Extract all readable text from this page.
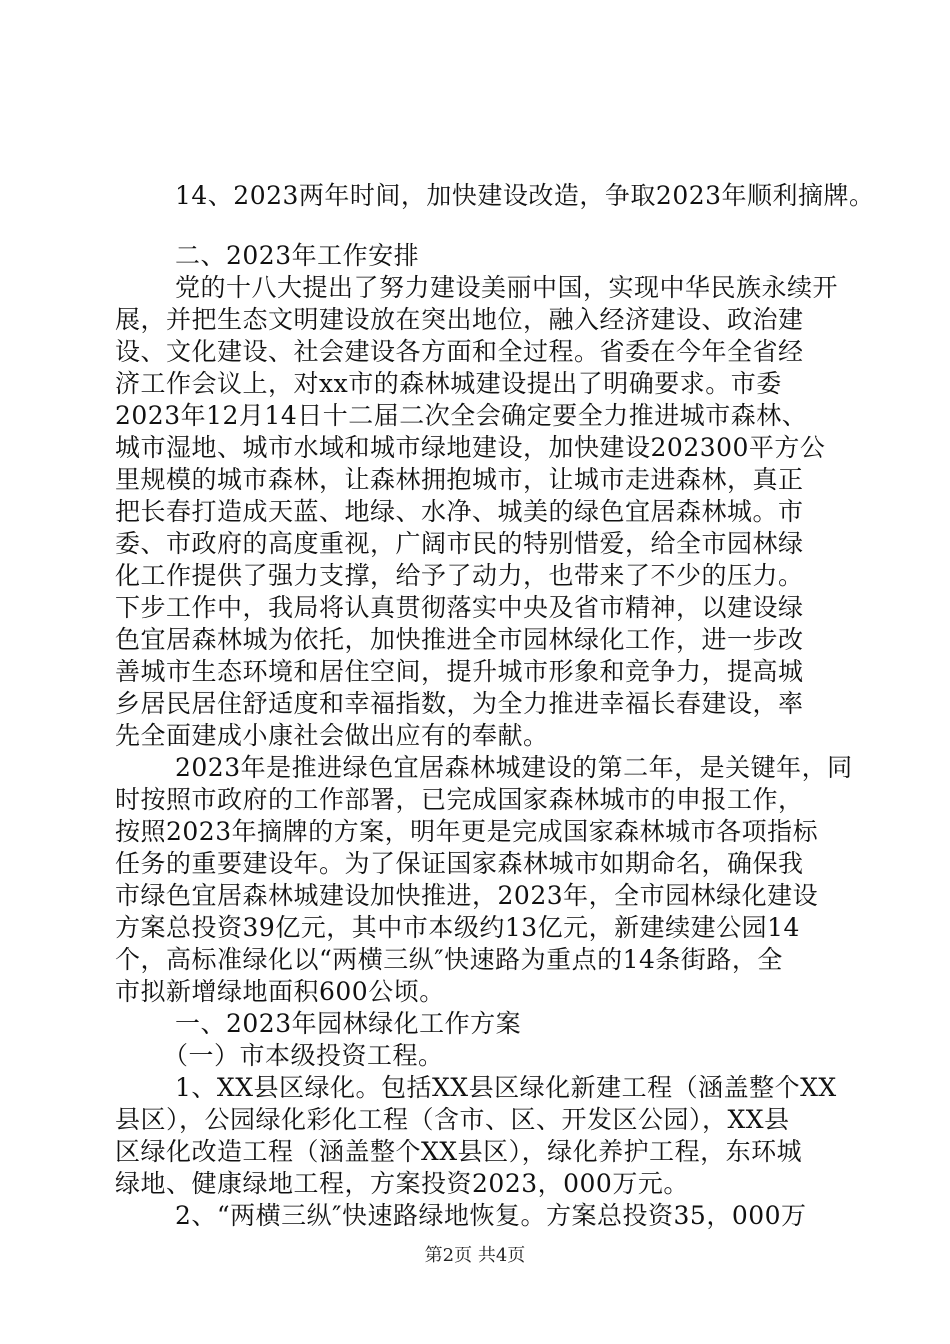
14、2023两年时间，加快建设改造，争取2023年顺利摘牌。
二、2023年工作安排
党的十八大提出了努力建设美丽中国，实现中华民族永续开
展，并把生态文明建设放在突出地位，融入经济建设、政治建
设、文化建设、社会建设各方面和全过程。省委在今年全省经
济工作会议上，对xx市的森林城建设提出了明确要求。市委
2023年12月14日十二届二次全会确定要全力推进城市森林、
城市湿地、城市水域和城市绿地建设，加快建设202300平方公
里规模的城市森林，让森林拥抱城市，让城市走进森林，真正
把长春打造成天蓝、地绿、水净、城美的绿色宜居森林城。市
委、市政府的高度重视，广阔市民的特别惜爱，给全市园林绿
化工作提供了强力支撑，给予了动力，也带来了不少的压力。
下步工作中，我局将认真贯彻落实中央及省市精神，以建设绿
色宜居森林城为依托，加快推进全市园林绿化工作，进一步改
善城市生态环境和居住空间，提升城市形象和竞争力，提高城
乡居民居住舒适度和幸福指数，为全力推进幸福长春建设，率
先全面建成小康社会做出应有的奉献。
2023年是推进绿色宜居森林城建设的第二年，是关键年，同
时按照市政府的工作部署，已完成国家森林城市的申报工作，
按照2023年摘牌的方案，明年更是完成国家森林城市各项指标
任务的重要建设年。为了保证国家森林城市如期命名，确保我
市绿色宜居森林城建设加快推进，2023年，全市园林绿化建设
方案总投资39亿元，其中市本级约13亿元，新建续建公园14
个，高标准绿化以“两横三纵″快速路为重点的14条街路，全
市拟新增绿地面积600公顷。
一、2023年园林绿化工作方案
（一）市本级投资工程。
1、XX县区绿化。包括XX县区绿化新建工程（涵盖整个XX
县区），公园绿化彩化工程（含市、区、开发区公园），XX县
区绿化改造工程（涵盖整个XX县区），绿化养护工程，东环城
绿地、健康绿地工程，方案投资2023，000万元。
2、“两横三纵″快速路绿地恢复。方案总投资35，000万
第2页 共4页
